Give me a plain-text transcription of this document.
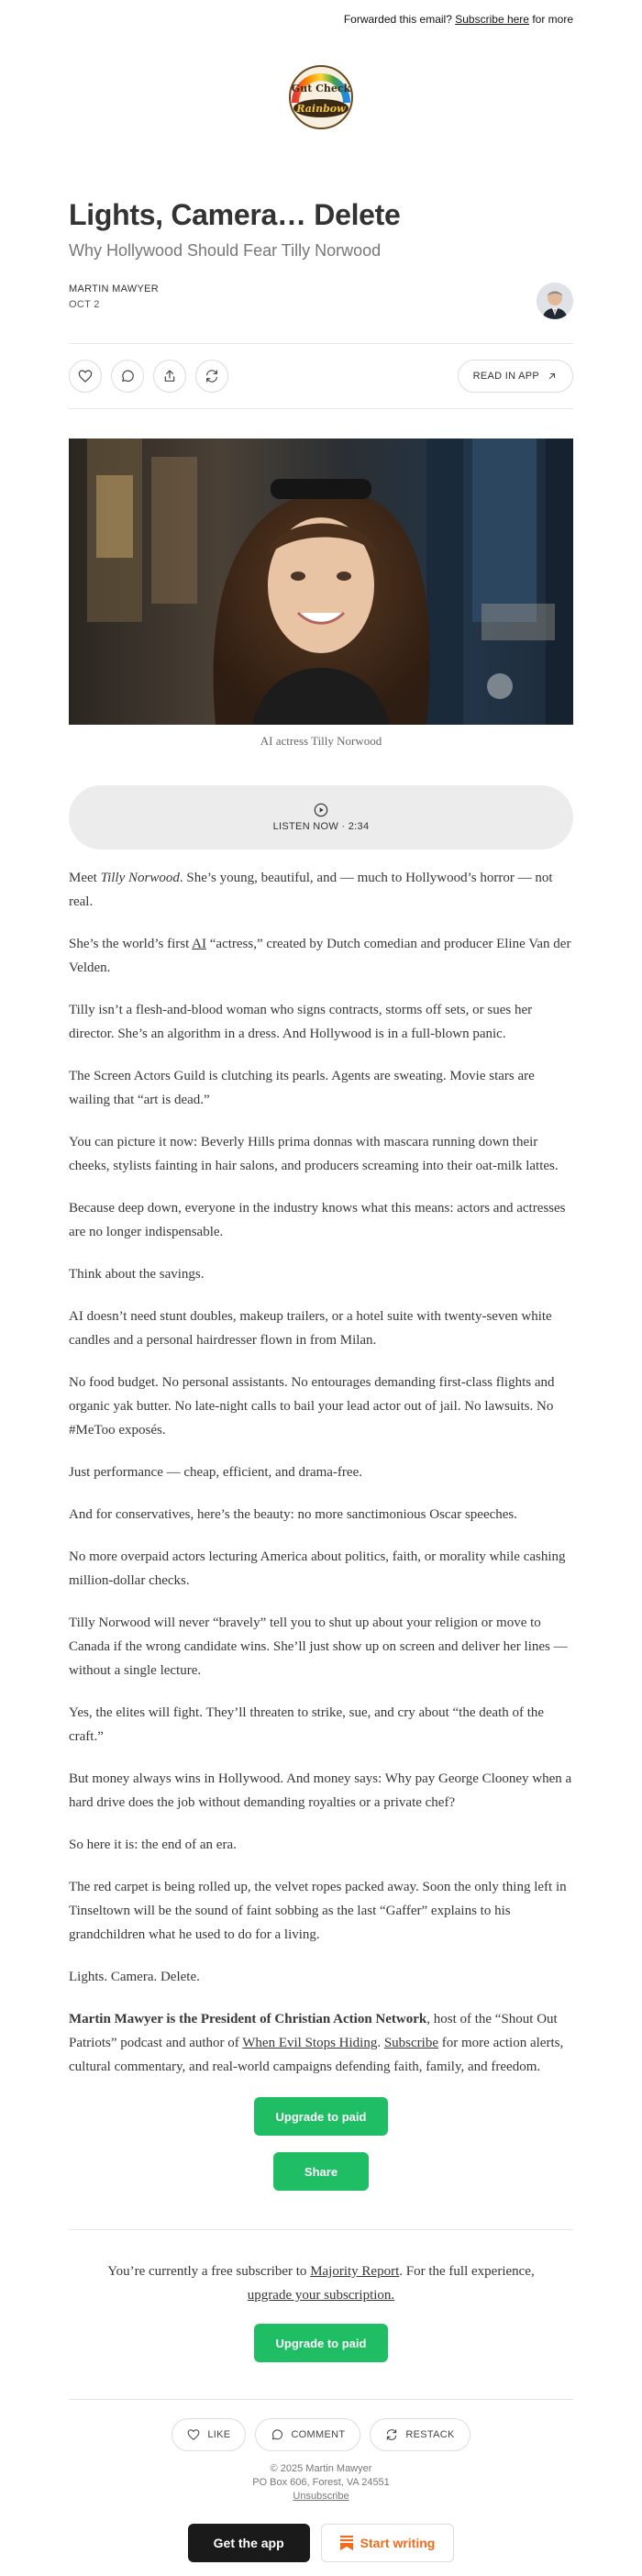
Forwarded this email? Subscribe here for more
Gut Check
Rainbow
Lights, Camera… Delete
Why Hollywood Should Fear Tilly Norwood
MARTIN MAWYER
OCT 2
READ IN APP
AI actress Tilly Norwood
LISTEN NOW · 2:34

Meet Tilly Norwood. She’s young, beautiful, and — much to Hollywood’s horror — not real.

She’s the world’s first AI “actress,” created by Dutch comedian and producer Eline Van der Velden.

Tilly isn’t a flesh-and-blood woman who signs contracts, storms off sets, or sues her director. She’s an algorithm in a dress. And Hollywood is in a full-blown panic.

The Screen Actors Guild is clutching its pearls. Agents are sweating. Movie stars are wailing that “art is dead.”

You can picture it now: Beverly Hills prima donnas with mascara running down their cheeks, stylists fainting in hair salons, and producers screaming into their oat-milk lattes.

Because deep down, everyone in the industry knows what this means: actors and actresses are no longer indispensable.

Think about the savings.

AI doesn’t need stunt doubles, makeup trailers, or a hotel suite with twenty-seven white candles and a personal hairdresser flown in from Milan.

No food budget. No personal assistants. No entourages demanding first-class flights and organic yak butter. No late-night calls to bail your lead actor out of jail. No lawsuits. No #MeToo exposés.

Just performance — cheap, efficient, and drama-free.

And for conservatives, here’s the beauty: no more sanctimonious Oscar speeches.

No more overpaid actors lecturing America about politics, faith, or morality while cashing million-dollar checks.

Tilly Norwood will never “bravely” tell you to shut up about your religion or move to Canada if the wrong candidate wins. She’ll just show up on screen and deliver her lines — without a single lecture.

Yes, the elites will fight. They’ll threaten to strike, sue, and cry about “the death of the craft.”

But money always wins in Hollywood. And money says: Why pay George Clooney when a hard drive does the job without demanding royalties or a private chef?

So here it is: the end of an era.

The red carpet is being rolled up, the velvet ropes packed away. Soon the only thing left in Tinseltown will be the sound of faint sobbing as the last “Gaffer” explains to his grandchildren what he used to do for a living.

Lights. Camera. Delete.

Martin Mawyer is the President of Christian Action Network, host of the “Shout Out Patriots” podcast and author of When Evil Stops Hiding. Subscribe for more action alerts, cultural commentary, and real-world campaigns defending faith, family, and freedom.

Upgrade to paid
Share
You’re currently a free subscriber to Majority Report. For the full experience,
upgrade your subscription.
Upgrade to paid
LIKE	COMMENT	RESTACK
© 2025 Martin Mawyer
PO Box 606, Forest, VA 24551
Unsubscribe
Get the app	Start writing
